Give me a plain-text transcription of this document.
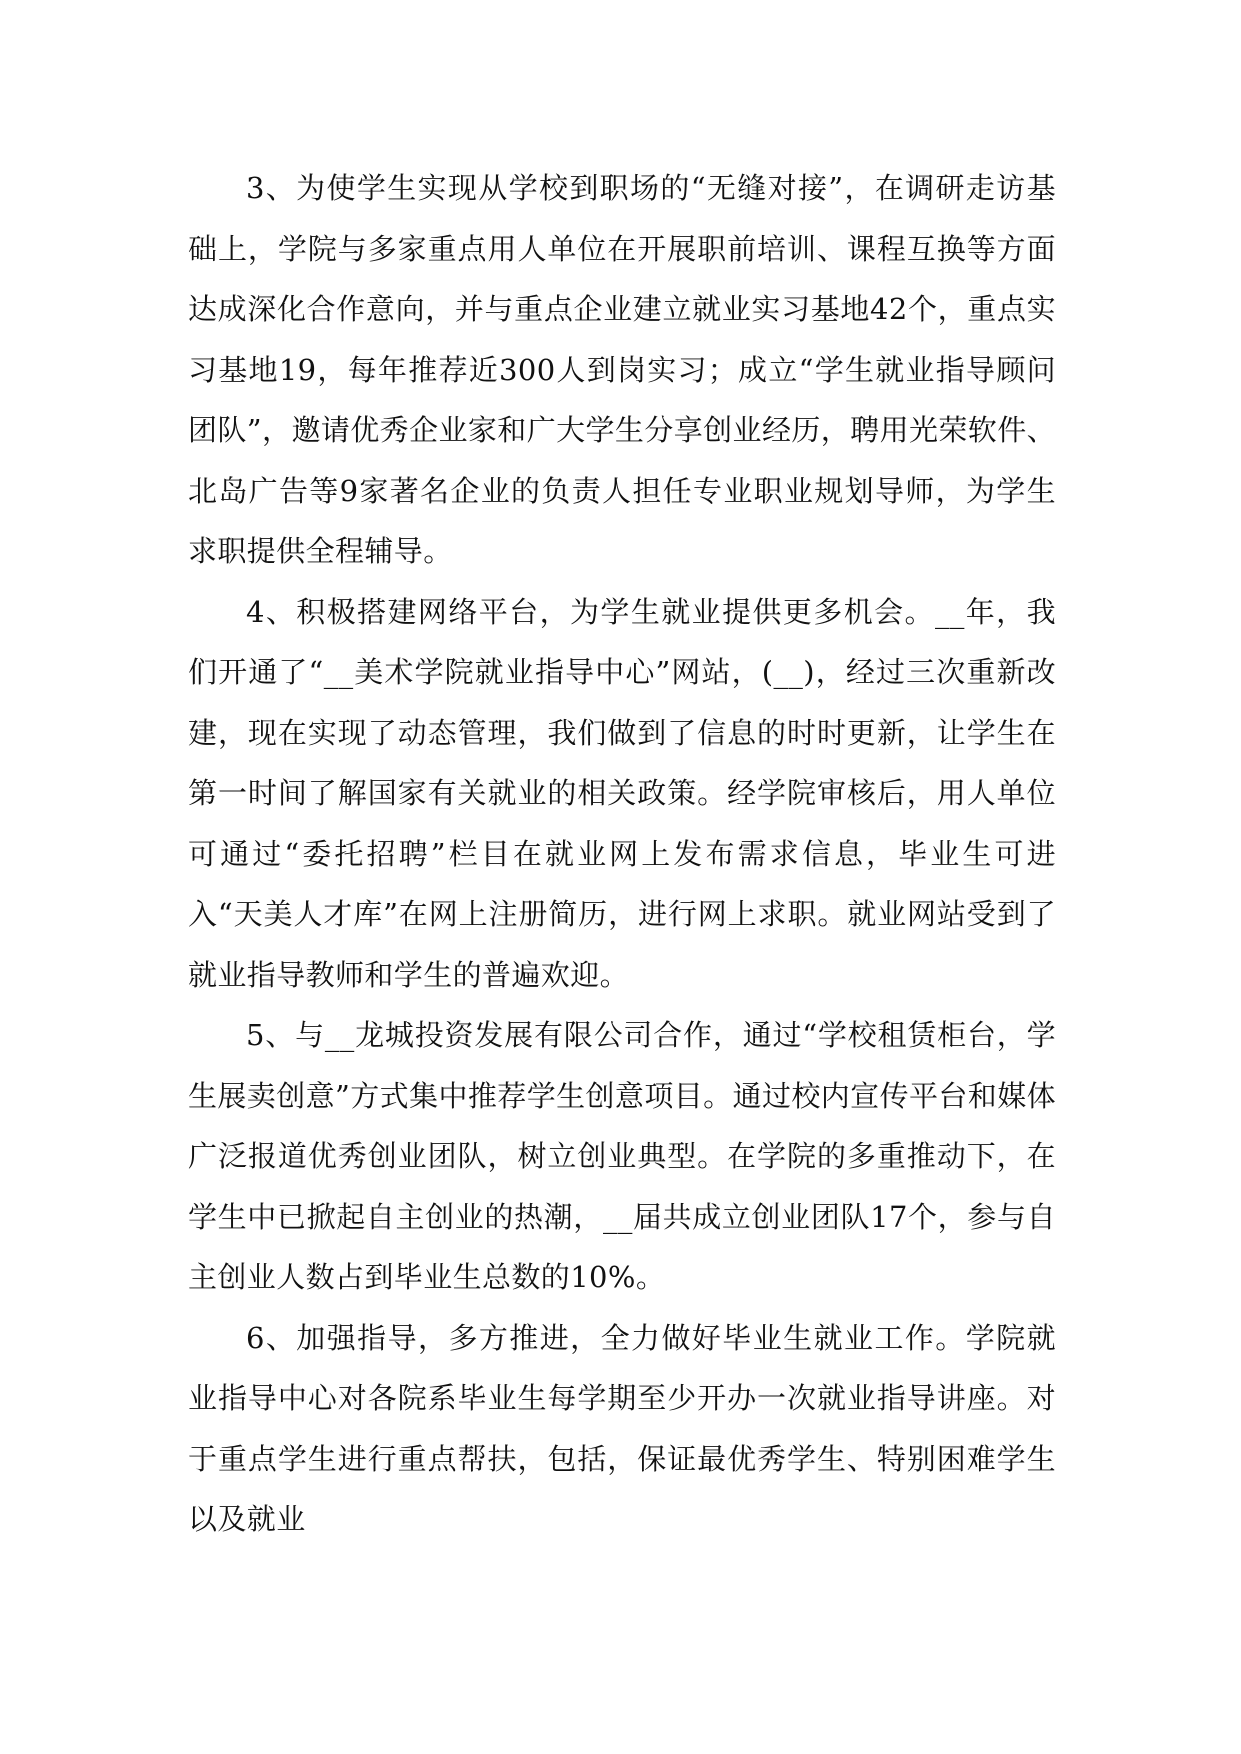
3、为使学生实现从学校到职场的“无缝对接”，在调研走访基础上，学院与多家重点用人单位在开展职前培训、课程互换等方面达成深化合作意向，并与重点企业建立就业实习基地42个，重点实习基地19，每年推荐近300人到岗实习；成立“学生就业指导顾问团队”，邀请优秀企业家和广大学生分享创业经历，聘用光荣软件、北岛广告等9家著名企业的负责人担任专业职业规划导师，为学生求职提供全程辅导。

4、积极搭建网络平台，为学生就业提供更多机会。__年，我们开通了“__美术学院就业指导中心”网站，(__)，经过三次重新改建，现在实现了动态管理，我们做到了信息的时时更新，让学生在第一时间了解国家有关就业的相关政策。经学院审核后，用人单位可通过“委托招聘”栏目在就业网上发布需求信息，毕业生可进入“天美人才库”在网上注册简历，进行网上求职。就业网站受到了就业指导教师和学生的普遍欢迎。

5、与__龙城投资发展有限公司合作，通过“学校租赁柜台，学生展卖创意”方式集中推荐学生创意项目。通过校内宣传平台和媒体广泛报道优秀创业团队，树立创业典型。在学院的多重推动下，在学生中已掀起自主创业的热潮，__届共成立创业团队17个，参与自主创业人数占到毕业生总数的10%。

6、加强指导，多方推进，全力做好毕业生就业工作。学院就业指导中心对各院系毕业生每学期至少开办一次就业指导讲座。对于重点学生进行重点帮扶，包括，保证最优秀学生、特别困难学生以及就业
